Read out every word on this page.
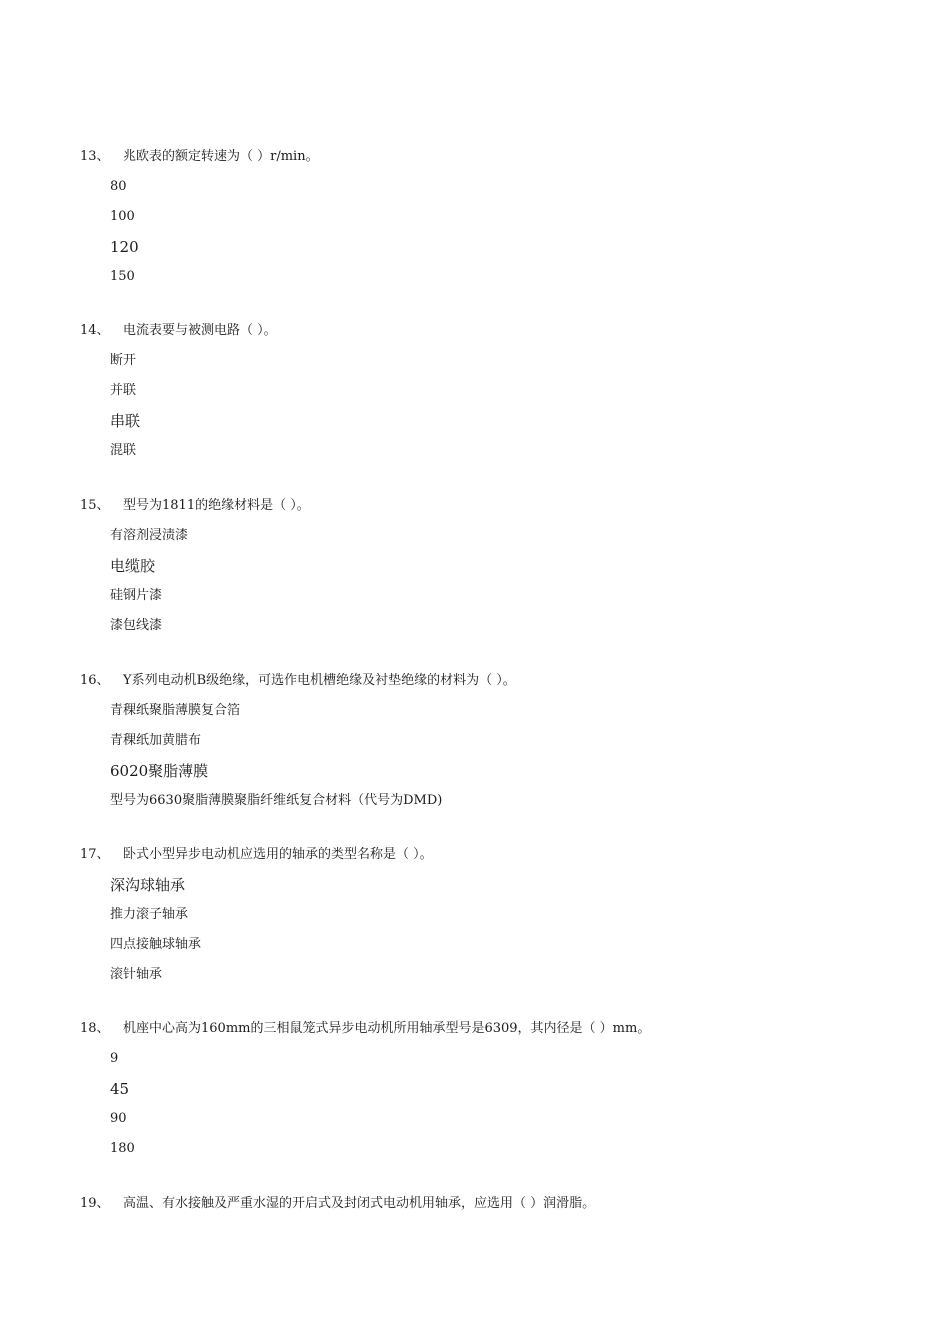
13、 兆欧表的额定转速为（ ）r/min。
80
100
120
150
14、 电流表要与被测电路（ ）。
断开
并联
串联
混联
15、 型号为1811的绝缘材料是（ ）。
有溶剂浸渍漆
电缆胶
硅钢片漆
漆包线漆
16、 Y系列电动机B级绝缘，可选作电机槽绝缘及衬垫绝缘的材料为（ ）。
青稞纸聚脂薄膜复合箔
青稞纸加黄腊布
6020聚脂薄膜
型号为6630聚脂薄膜聚脂纤维纸复合材料（代号为DMD)
17、 卧式小型异步电动机应选用的轴承的类型名称是（ ）。
深沟球轴承
推力滚子轴承
四点接触球轴承
滚针轴承
18、 机座中心高为160mm的三相鼠笼式异步电动机所用轴承型号是6309，其内径是（ ）mm。
9
45
90
180
19、 高温、有水接触及严重水湿的开启式及封闭式电动机用轴承，应选用（ ）润滑脂。
